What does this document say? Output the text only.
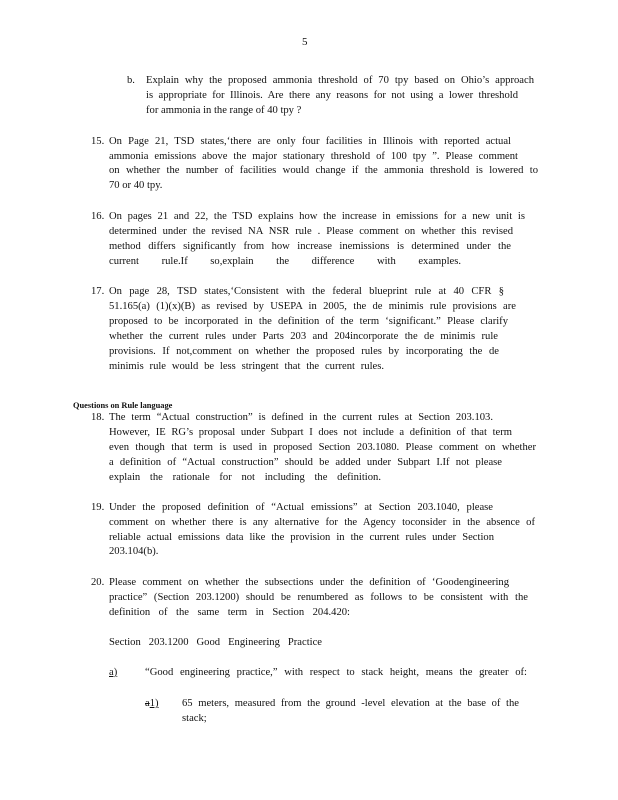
5
b. Explain why the proposed ammonia threshold of 70 tpy based on Ohio’s approach
is appropriate for Illinois. Are there any reasons for not using a lower threshold
for ammonia in the range of 40 tpy ?
15. On Page 21, TSD states,‘there are only four facilities in Illinois with reported actual
ammonia emissions above the major stationary threshold of 100 tpy ”. Please comment
on whether the number of facilities would change if the ammonia threshold is lowered to
70 or 40 tpy.
16. On pages 21 and 22, the TSD explains how the increase in emissions for a new unit is
determined under the revised NA NSR rule . Please comment on whether this revised
method differs significantly from how increase inemissions is determined under the
current rule.If so,explain the difference with examples.
17. On page 28, TSD states,‘Consistent with the federal blueprint rule at 40 CFR §
51.165(a) (1)(x)(B) as revised by USEPA in 2005, the de minimis rule provisions are
proposed to be incorporated in the definition of the term ‘significant.” Please clarify
whether the current rules under Parts 203 and 204incorporate the de minimis rule
provisions. If not,comment on whether the proposed rules by incorporating the de
minimis rule would be less stringent that the current rules.
Questions on Rule language
18. The term “Actual construction” is defined in the current rules at Section 203.103.
However, IE RG’s proposal under Subpart I does not include a definition of that term
even though that term is used in proposed Section 203.1080. Please comment on whether
a definition of “Actual construction” should be added under Subpart I.If not please
explain the rationale for not including the definition.
19. Under the proposed definition of “Actual emissions” at Section 203.1040, please
comment on whether there is any alternative for the Agency toconsider in the absence of
reliable actual emissions data like the provision in the current rules under Section
203.104(b).
20. Please comment on whether the subsections under the definition of ‘Goodengineering
practice” (Section 203.1200) should be renumbered as follows to be consistent with the
definition of the same term in Section 204.420:
Section 203.1200 Good Engineering Practice
a)	“Good engineering practice,” with respect to stack height, means the greater of:
a1) 65 meters, measured from the ground -level elevation at the base of the
stack;
